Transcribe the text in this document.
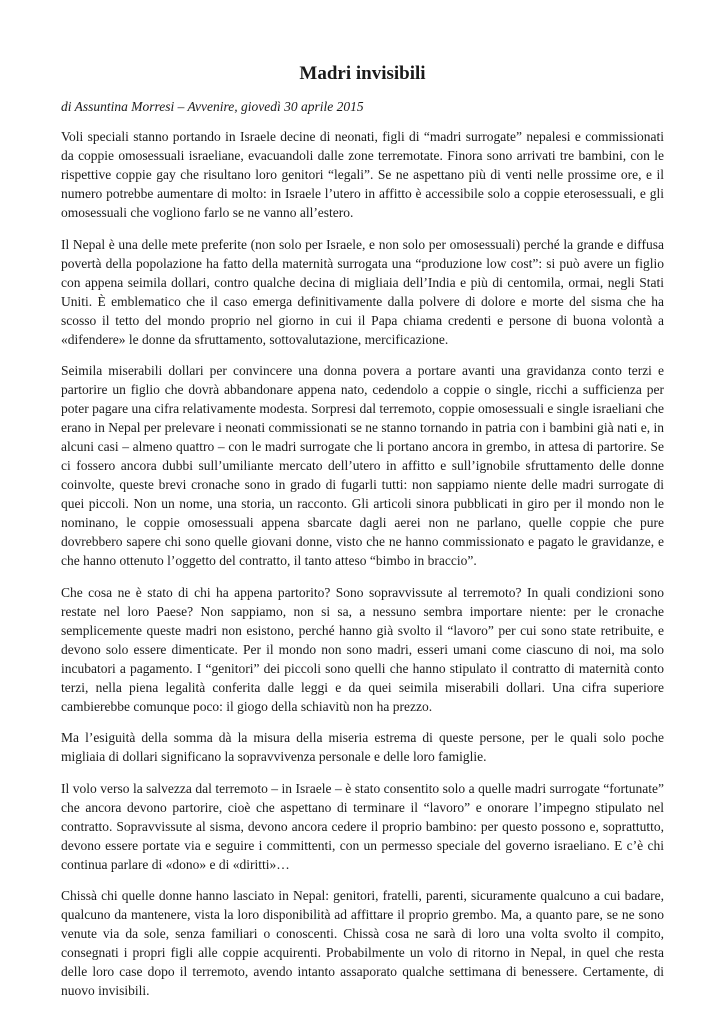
Madri invisibili
di Assuntina Morresi – Avvenire, giovedì 30 aprile 2015

Voli speciali stanno portando in Israele decine di neonati, figli di “madri surrogate” nepalesi e commissionati da coppie omosessuali israeliane, evacuandoli dalle zone terremotate. Finora sono arrivati tre bambini, con le rispettive coppie gay che risultano loro genitori “legali”. Se ne aspettano più di venti nelle prossime ore, e il numero potrebbe aumentare di molto: in Israele l’utero in affitto è accessibile solo a coppie eterosessuali, e gli omosessuali che vogliono farlo se ne vanno all’estero.

Il Nepal è una delle mete preferite (non solo per Israele, e non solo per omosessuali) perché la grande e diffusa povertà della popolazione ha fatto della maternità surrogata una “produzione low cost”: si può avere un figlio con appena seimila dollari, contro qualche decina di migliaia dell’India e più di centomila, ormai, negli Stati Uniti. È emblematico che il caso emerga definitivamente dalla polvere di dolore e morte del sisma che ha scosso il tetto del mondo proprio nel giorno in cui il Papa chiama credenti e persone di buona volontà a «difendere» le donne da sfruttamento, sottovalutazione, mercificazione.

Seimila miserabili dollari per convincere una donna povera a portare avanti una gravidanza conto terzi e partorire un figlio che dovrà abbandonare appena nato, cedendolo a coppie o single, ricchi a sufficienza per poter pagare una cifra relativamente modesta. Sorpresi dal terremoto, coppie omosessuali e single israeliani che erano in Nepal per prelevare i neonati commissionati se ne stanno tornando in patria con i bambini già nati e, in alcuni casi – almeno quattro – con le madri surrogate che li portano ancora in grembo, in attesa di partorire. Se ci fossero ancora dubbi sull’umiliante mercato dell’utero in affitto e sull’ignobile sfruttamento delle donne coinvolte, queste brevi cronache sono in grado di fugarli tutti: non sappiamo niente delle madri surrogate di quei piccoli. Non un nome, una storia, un racconto. Gli articoli sinora pubblicati in giro per il mondo non le nominano, le coppie omosessuali appena sbarcate dagli aerei non ne parlano, quelle coppie che pure dovrebbero sapere chi sono quelle giovani donne, visto che ne hanno commissionato e pagato le gravidanze, e che hanno ottenuto l’oggetto del contratto, il tanto atteso “bimbo in braccio”.

Che cosa ne è stato di chi ha appena partorito? Sono sopravvissute al terremoto? In quali condizioni sono restate nel loro Paese? Non sappiamo, non si sa, a nessuno sembra importare niente: per le cronache semplicemente queste madri non esistono, perché hanno già svolto il “lavoro” per cui sono state retribuite, e devono solo essere dimenticate. Per il mondo non sono madri, esseri umani come ciascuno di noi, ma solo incubatori a pagamento. I “genitori” dei piccoli sono quelli che hanno stipulato il contratto di maternità conto terzi, nella piena legalità conferita dalle leggi e da quei seimila miserabili dollari. Una cifra superiore cambierebbe comunque poco: il giogo della schiavitù non ha prezzo.

Ma l’esiguità della somma dà la misura della miseria estrema di queste persone, per le quali solo poche migliaia di dollari significano la sopravvivenza personale e delle loro famiglie.

Il volo verso la salvezza dal terremoto – in Israele – è stato consentito solo a quelle madri surrogate “fortunate” che ancora devono partorire, cioè che aspettano di terminare il “lavoro” e onorare l’impegno stipulato nel contratto. Sopravvissute al sisma, devono ancora cedere il proprio bambino: per questo possono e, soprattutto, devono essere portate via e seguire i committenti, con un permesso speciale del governo israeliano. E c’è chi continua parlare di «dono» e di «diritti»…

Chissà chi quelle donne hanno lasciato in Nepal: genitori, fratelli, parenti, sicuramente qualcuno a cui badare, qualcuno da mantenere, vista la loro disponibilità ad affittare il proprio grembo. Ma, a quanto pare, se ne sono venute via da sole, senza familiari o conoscenti. Chissà cosa ne sarà di loro una volta svolto il compito, consegnati i propri figli alle coppie acquirenti. Probabilmente un volo di ritorno in Nepal, in quel che resta delle loro case dopo il terremoto, avendo intanto assaporato qualche settimana di benessere. Certamente, di nuovo invisibili.
